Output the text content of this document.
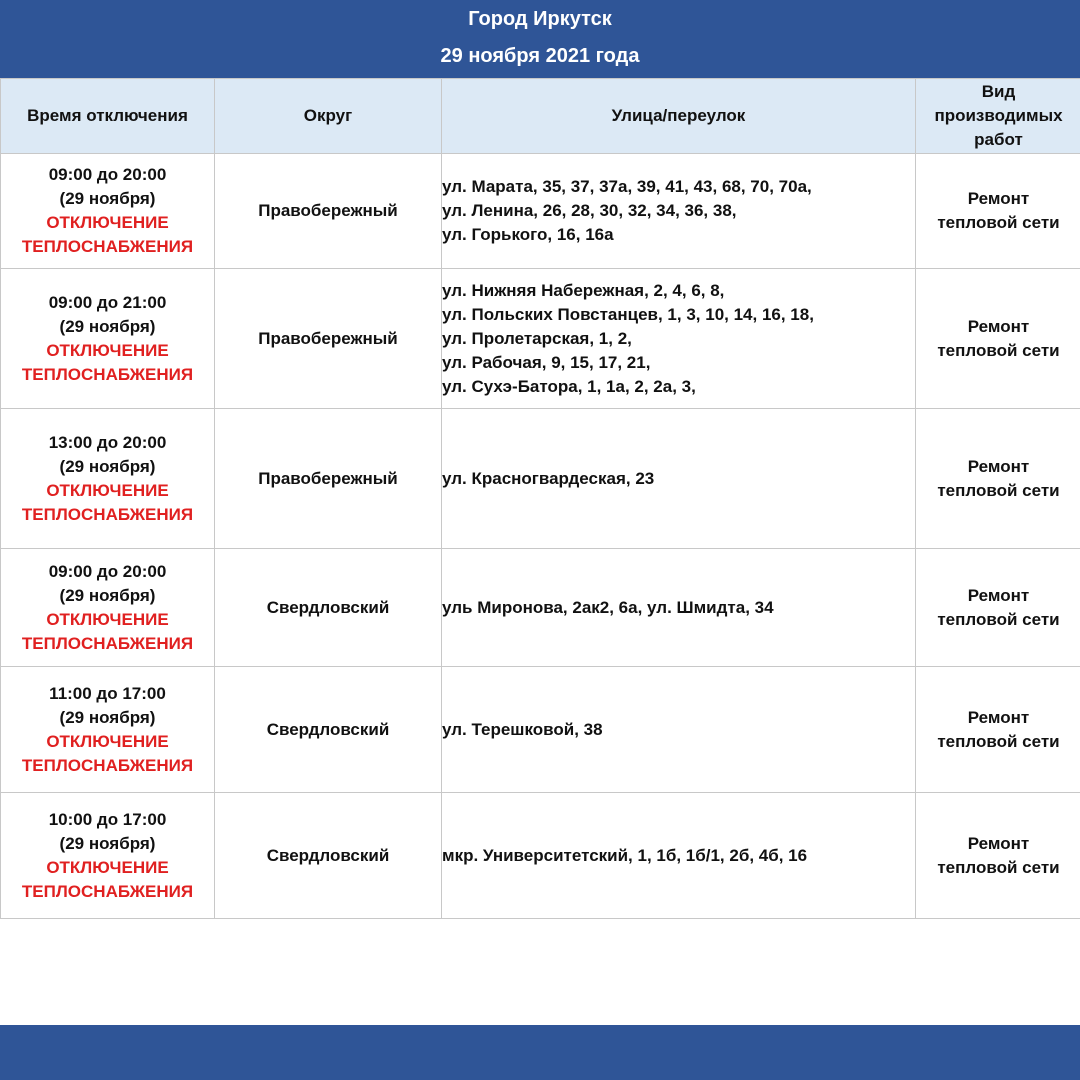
Город Иркутск
29 ноября 2021 года
Время отключения	Округ	Улица/переулок	Вид
производимых
работ

09:00 до 20:00
(29 ноября)
ОТКЛЮЧЕНИЕ
ТЕПЛОСНАБЖЕНИЯ	Правобережный	ул. Марата, 35, 37, 37а, 39, 41, 43, 68, 70, 70а,
ул. Ленина, 26, 28, 30, 32, 34, 36, 38,
ул. Горького, 16, 16а	Ремонт
тепловой сети

09:00 до 21:00
(29 ноября)
ОТКЛЮЧЕНИЕ
ТЕПЛОСНАБЖЕНИЯ	Правобережный	ул. Нижняя Набережная, 2, 4, 6, 8,
ул. Польских Повстанцев, 1, 3, 10, 14, 16, 18,
ул. Пролетарская, 1, 2,
ул. Рабочая, 9, 15, 17, 21,
ул. Сухэ-Батора, 1, 1а, 2, 2а, 3,	Ремонт
тепловой сети

13:00 до 20:00
(29 ноября)
ОТКЛЮЧЕНИЕ
ТЕПЛОСНАБЖЕНИЯ	Правобережный	ул. Красногвардеская, 23	Ремонт
тепловой сети

09:00 до 20:00
(29 ноября)
ОТКЛЮЧЕНИЕ
ТЕПЛОСНАБЖЕНИЯ	Свердловский	уль Миронова, 2ак2, 6а, ул. Шмидта, 34	Ремонт
тепловой сети

11:00 до 17:00
(29 ноября)
ОТКЛЮЧЕНИЕ
ТЕПЛОСНАБЖЕНИЯ	Свердловский	ул. Терешковой, 38	Ремонт
тепловой сети

10:00 до 17:00
(29 ноября)
ОТКЛЮЧЕНИЕ
ТЕПЛОСНАБЖЕНИЯ	Свердловский	мкр. Университетский, 1, 1б, 1б/1, 2б, 4б, 16	Ремонт
тепловой сети
